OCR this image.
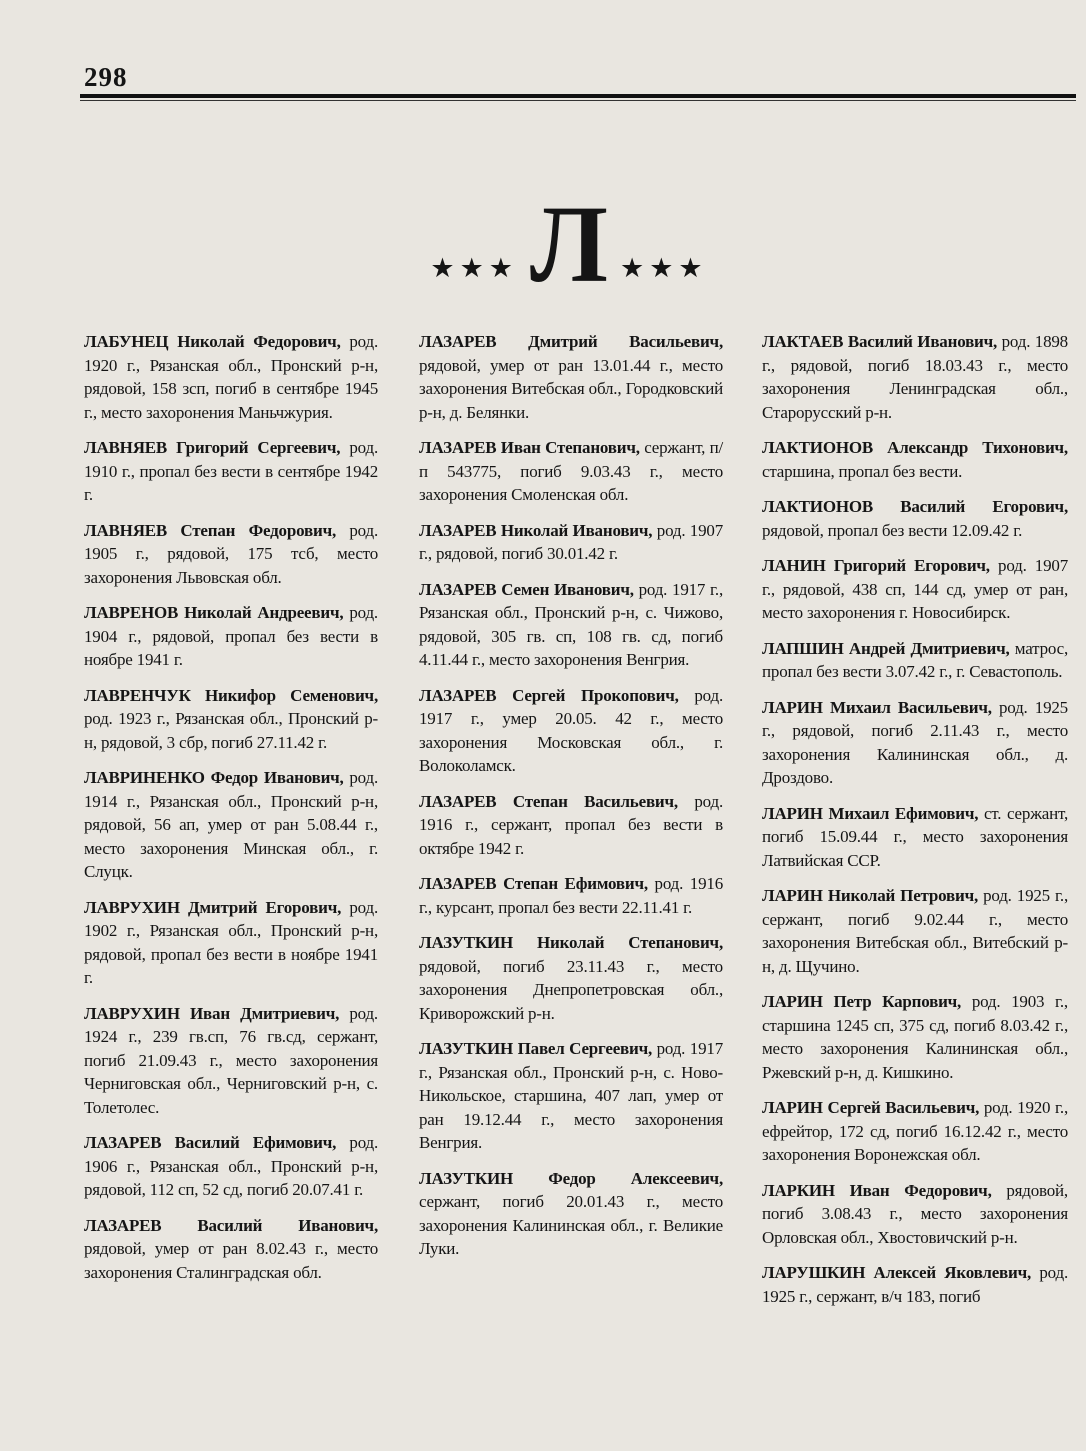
298
★★★ Л ★★★

ЛАБУНЕЦ Николай Федорович, род. 1920 г., Рязанская обл., Пронский р-н, рядовой, 158 зсп, погиб в сентябре 1945 г., место захоронения Маньчжурия.

ЛАВНЯЕВ Григорий Сергеевич, род. 1910 г., пропал без вести в сентябре 1942 г.

ЛАВНЯЕВ Степан Федорович, род. 1905 г., рядовой, 175 тсб, место захоронения Львовская обл.

ЛАВРЕНОВ Николай Андреевич, род. 1904 г., рядовой, пропал без вести в ноябре 1941 г.

ЛАВРЕНЧУК Никифор Семенович, род. 1923 г., Рязанская обл., Пронский р-н, рядовой, 3 сбр, погиб 27.11.42 г.

ЛАВРИНЕНКО Федор Иванович, род. 1914 г., Рязанская обл., Пронский р-н, рядовой, 56 ап, умер от ран 5.08.44 г., место захоронения Минская обл., г. Слуцк.

ЛАВРУХИН Дмитрий Егорович, род. 1902 г., Рязанская обл., Пронский р-н, рядовой, пропал без вести в ноябре 1941 г.

ЛАВРУХИН Иван Дмитриевич, род. 1924 г., 239 гв.сп, 76 гв.сд, сержант, погиб 21.09.43 г., место захоронения Черниговская обл., Черниговский р-н, с. Толетолес.

ЛАЗАРЕВ Василий Ефимович, род. 1906 г., Рязанская обл., Пронский р-н, рядовой, 112 сп, 52 сд, погиб 20.07.41 г.

ЛАЗАРЕВ Василий Иванович, рядовой, умер от ран 8.02.43 г., место захоронения Сталинградская обл.

ЛАЗАРЕВ Дмитрий Васильевич, рядовой, умер от ран 13.01.44 г., место захоронения Витебская обл., Городковский р-н, д. Белянки.

ЛАЗАРЕВ Иван Степанович, сержант, п/п 543775, погиб 9.03.43 г., место захоронения Смоленская обл.

ЛАЗАРЕВ Николай Иванович, род. 1907 г., рядовой, погиб 30.01.42 г.

ЛАЗАРЕВ Семен Иванович, род. 1917 г., Рязанская обл., Пронский р-н, с. Чижово, рядовой, 305 гв. сп, 108 гв. сд, погиб 4.11.44 г., место захоронения Венгрия.

ЛАЗАРЕВ Сергей Прокопович, род. 1917 г., умер 20.05. 42 г., место захоронения Московская обл., г. Волоколамск.

ЛАЗАРЕВ Степан Васильевич, род. 1916 г., сержант, пропал без вести в октябре 1942 г.

ЛАЗАРЕВ Степан Ефимович, род. 1916 г., курсант, пропал без вести 22.11.41 г.

ЛАЗУТКИН Николай Степанович, рядовой, погиб 23.11.43 г., место захоронения Днепропетровская обл., Криворожский р-н.

ЛАЗУТКИН Павел Сергеевич, род. 1917 г., Рязанская обл., Пронский р-н, с. Ново-Никольское, старшина, 407 лап, умер от ран 19.12.44 г., место захоронения Венгрия.

ЛАЗУТКИН Федор Алексеевич, сержант, погиб 20.01.43 г., место захоронения Калининская обл., г. Великие Луки.

ЛАКТАЕВ Василий Иванович, род. 1898 г., рядовой, погиб 18.03.43 г., место захоронения Ленинградская обл., Старорусский р-н.

ЛАКТИОНОВ Александр Тихонович, старшина, пропал без вести.

ЛАКТИОНОВ Василий Егорович, рядовой, пропал без вести 12.09.42 г.

ЛАНИН Григорий Егорович, род. 1907 г., рядовой, 438 сп, 144 сд, умер от ран, место захоронения г. Новосибирск.

ЛАПШИН Андрей Дмитриевич, матрос, пропал без вести 3.07.42 г., г. Севастополь.

ЛАРИН Михаил Васильевич, род. 1925 г., рядовой, погиб 2.11.43 г., место захоронения Калининская обл., д. Дроздово.

ЛАРИН Михаил Ефимович, ст. сержант, погиб 15.09.44 г., место захоронения Латвийская ССР.

ЛАРИН Николай Петрович, род. 1925 г., сержант, погиб 9.02.44 г., место захоронения Витебская обл., Витебский р-н, д. Щучино.

ЛАРИН Петр Карпович, род. 1903 г., старшина 1245 сп, 375 сд, погиб 8.03.42 г., место захоронения Калининская обл., Ржевский р-н, д. Кишкино.

ЛАРИН Сергей Васильевич, род. 1920 г., ефрейтор, 172 сд, погиб 16.12.42 г., место захоронения Воронежская обл.

ЛАРКИН Иван Федорович, рядовой, погиб 3.08.43 г., место захоронения Орловская обл., Хвостовичский р-н.

ЛАРУШКИН Алексей Яковлевич, род. 1925 г., сержант, в/ч 183, погиб
